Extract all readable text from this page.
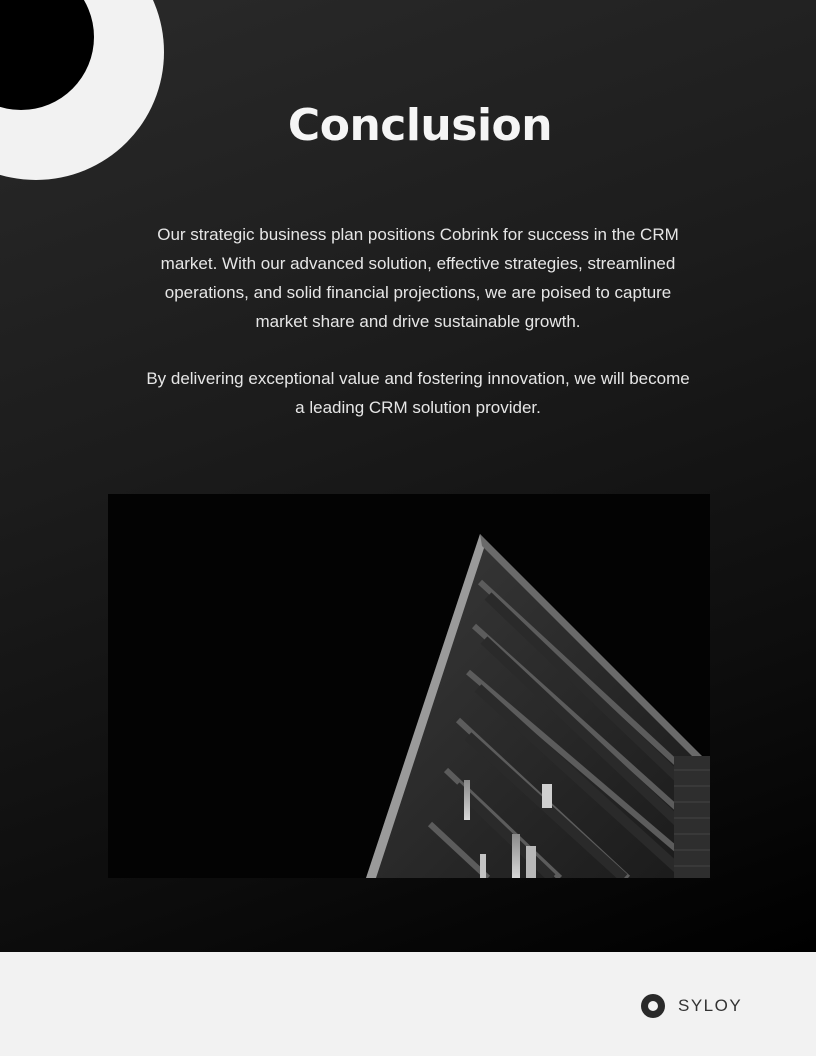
Conclusion

Our strategic business plan positions Cobrink for success in the CRM market. With our advanced solution, effective strategies, streamlined operations, and solid financial projections, we are poised to capture market share and drive sustainable growth.

By delivering exceptional value and fostering innovation, we will become a leading CRM solution provider.

SYLOY
